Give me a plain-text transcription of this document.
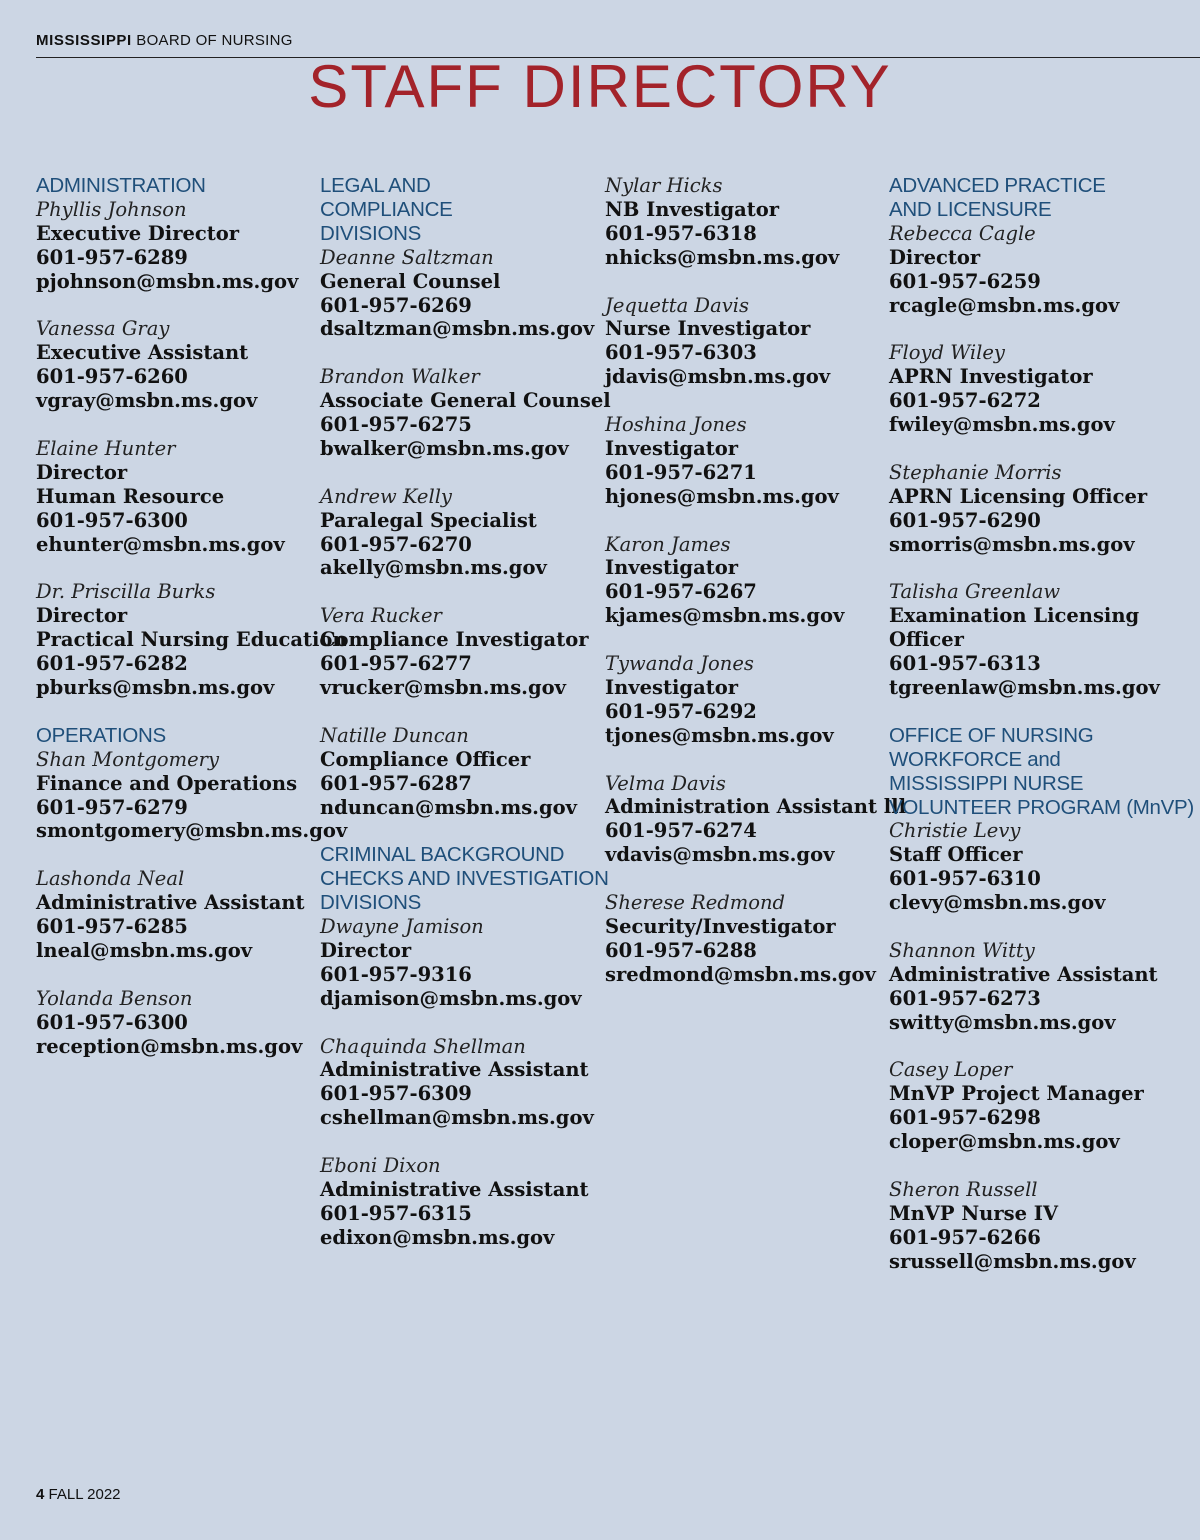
MISSISSIPPI BOARD OF NURSING
STAFF DIRECTORY
ADMINISTRATION
Phyllis Johnson
Executive Director
601-957-6289
pjohnson@msbn.ms.gov
Vanessa Gray
Executive Assistant
601-957-6260
vgray@msbn.ms.gov
Elaine Hunter
Director
Human Resource
601-957-6300
ehunter@msbn.ms.gov
Dr. Priscilla Burks
Director
Practical Nursing Education
601-957-6282
pburks@msbn.ms.gov
OPERATIONS
Shan Montgomery
Finance and Operations
601-957-6279
smontgomery@msbn.ms.gov
Lashonda Neal
Administrative Assistant
601-957-6285
lneal@msbn.ms.gov
Yolanda Benson
601-957-6300
reception@msbn.ms.gov
LEGAL AND
COMPLIANCE
DIVISIONS
Deanne Saltzman
General Counsel
601-957-6269
dsaltzman@msbn.ms.gov
Brandon Walker
Associate General Counsel
601-957-6275
bwalker@msbn.ms.gov
Andrew Kelly
Paralegal Specialist
601-957-6270
akelly@msbn.ms.gov
Vera Rucker
Compliance Investigator
601-957-6277
vrucker@msbn.ms.gov
Natille Duncan
Compliance Officer
601-957-6287
nduncan@msbn.ms.gov
CRIMINAL BACKGROUND
CHECKS AND INVESTIGATION
DIVISIONS
Dwayne Jamison
Director
601-957-9316
djamison@msbn.ms.gov
Chaquinda Shellman
Administrative Assistant
601-957-6309
cshellman@msbn.ms.gov
Eboni Dixon
Administrative Assistant
601-957-6315
edixon@msbn.ms.gov
Nylar Hicks
NB Investigator
601-957-6318
nhicks@msbn.ms.gov
Jequetta Davis
Nurse Investigator
601-957-6303
jdavis@msbn.ms.gov
Hoshina Jones
Investigator
601-957-6271
hjones@msbn.ms.gov
Karon James
Investigator
601-957-6267
kjames@msbn.ms.gov
Tywanda Jones
Investigator
601-957-6292
tjones@msbn.ms.gov
Velma Davis
Administration Assistant lll
601-957-6274
vdavis@msbn.ms.gov
Sherese Redmond
Security/Investigator
601-957-6288
sredmond@msbn.ms.gov
ADVANCED PRACTICE
AND LICENSURE
Rebecca Cagle
Director
601-957-6259
rcagle@msbn.ms.gov
Floyd Wiley
APRN Investigator
601-957-6272
fwiley@msbn.ms.gov
Stephanie Morris
APRN Licensing Officer
601-957-6290
smorris@msbn.ms.gov
Talisha Greenlaw
Examination Licensing
Officer
601-957-6313
tgreenlaw@msbn.ms.gov
OFFICE OF NURSING
WORKFORCE and
MISSISSIPPI NURSE
VOLUNTEER PROGRAM (MnVP)
Christie Levy
Staff Officer
601-957-6310
clevy@msbn.ms.gov
Shannon Witty
Administrative Assistant
601-957-6273
switty@msbn.ms.gov
Casey Loper
MnVP Project Manager
601-957-6298
cloper@msbn.ms.gov
Sheron Russell
MnVP Nurse IV
601-957-6266
srussell@msbn.ms.gov
4 FALL 2022
